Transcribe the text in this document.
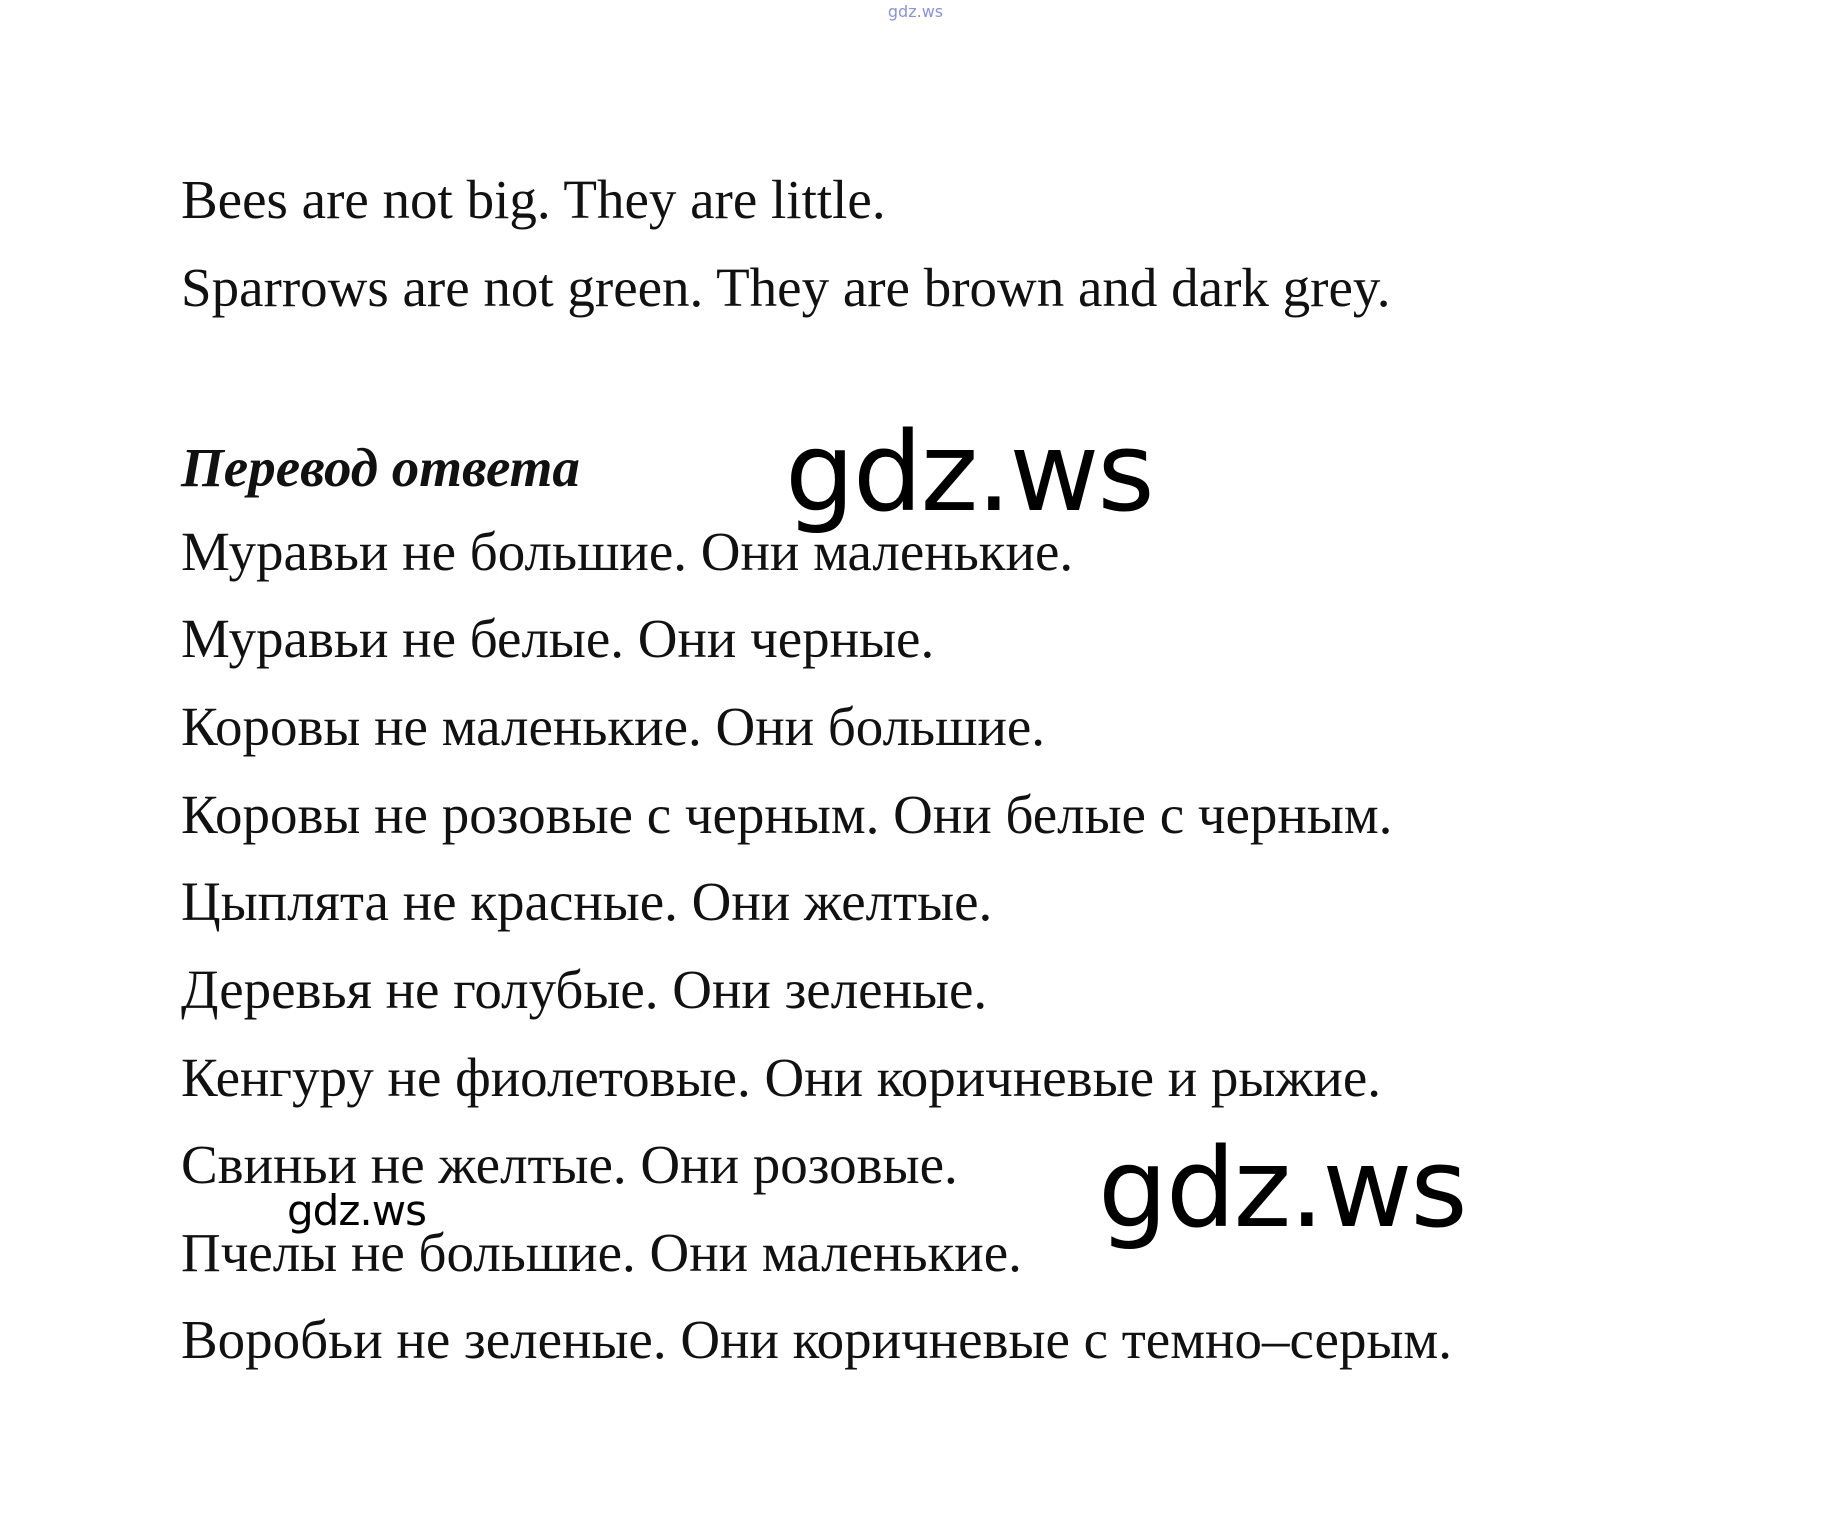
gdz.ws

Bees are not big. They are little.

Sparrows are not green. They are brown and dark grey.

Перевод ответа

Муравьи не большие. Они маленькие.

Муравьи не белые. Они черные.

Коровы не маленькие. Они большие.

Коровы не розовые с черным. Они белые с черным.

Цыплята не красные. Они желтые.

Деревья не голубые. Они зеленые.

Кенгуру не фиолетовые. Они коричневые и рыжие.

Свиньи не желтые. Они розовые.

Пчелы не большие. Они маленькие.

Воробьи не зеленые. Они коричневые с темно–серым.

gdz.ws
gdz.ws
gdz.ws
